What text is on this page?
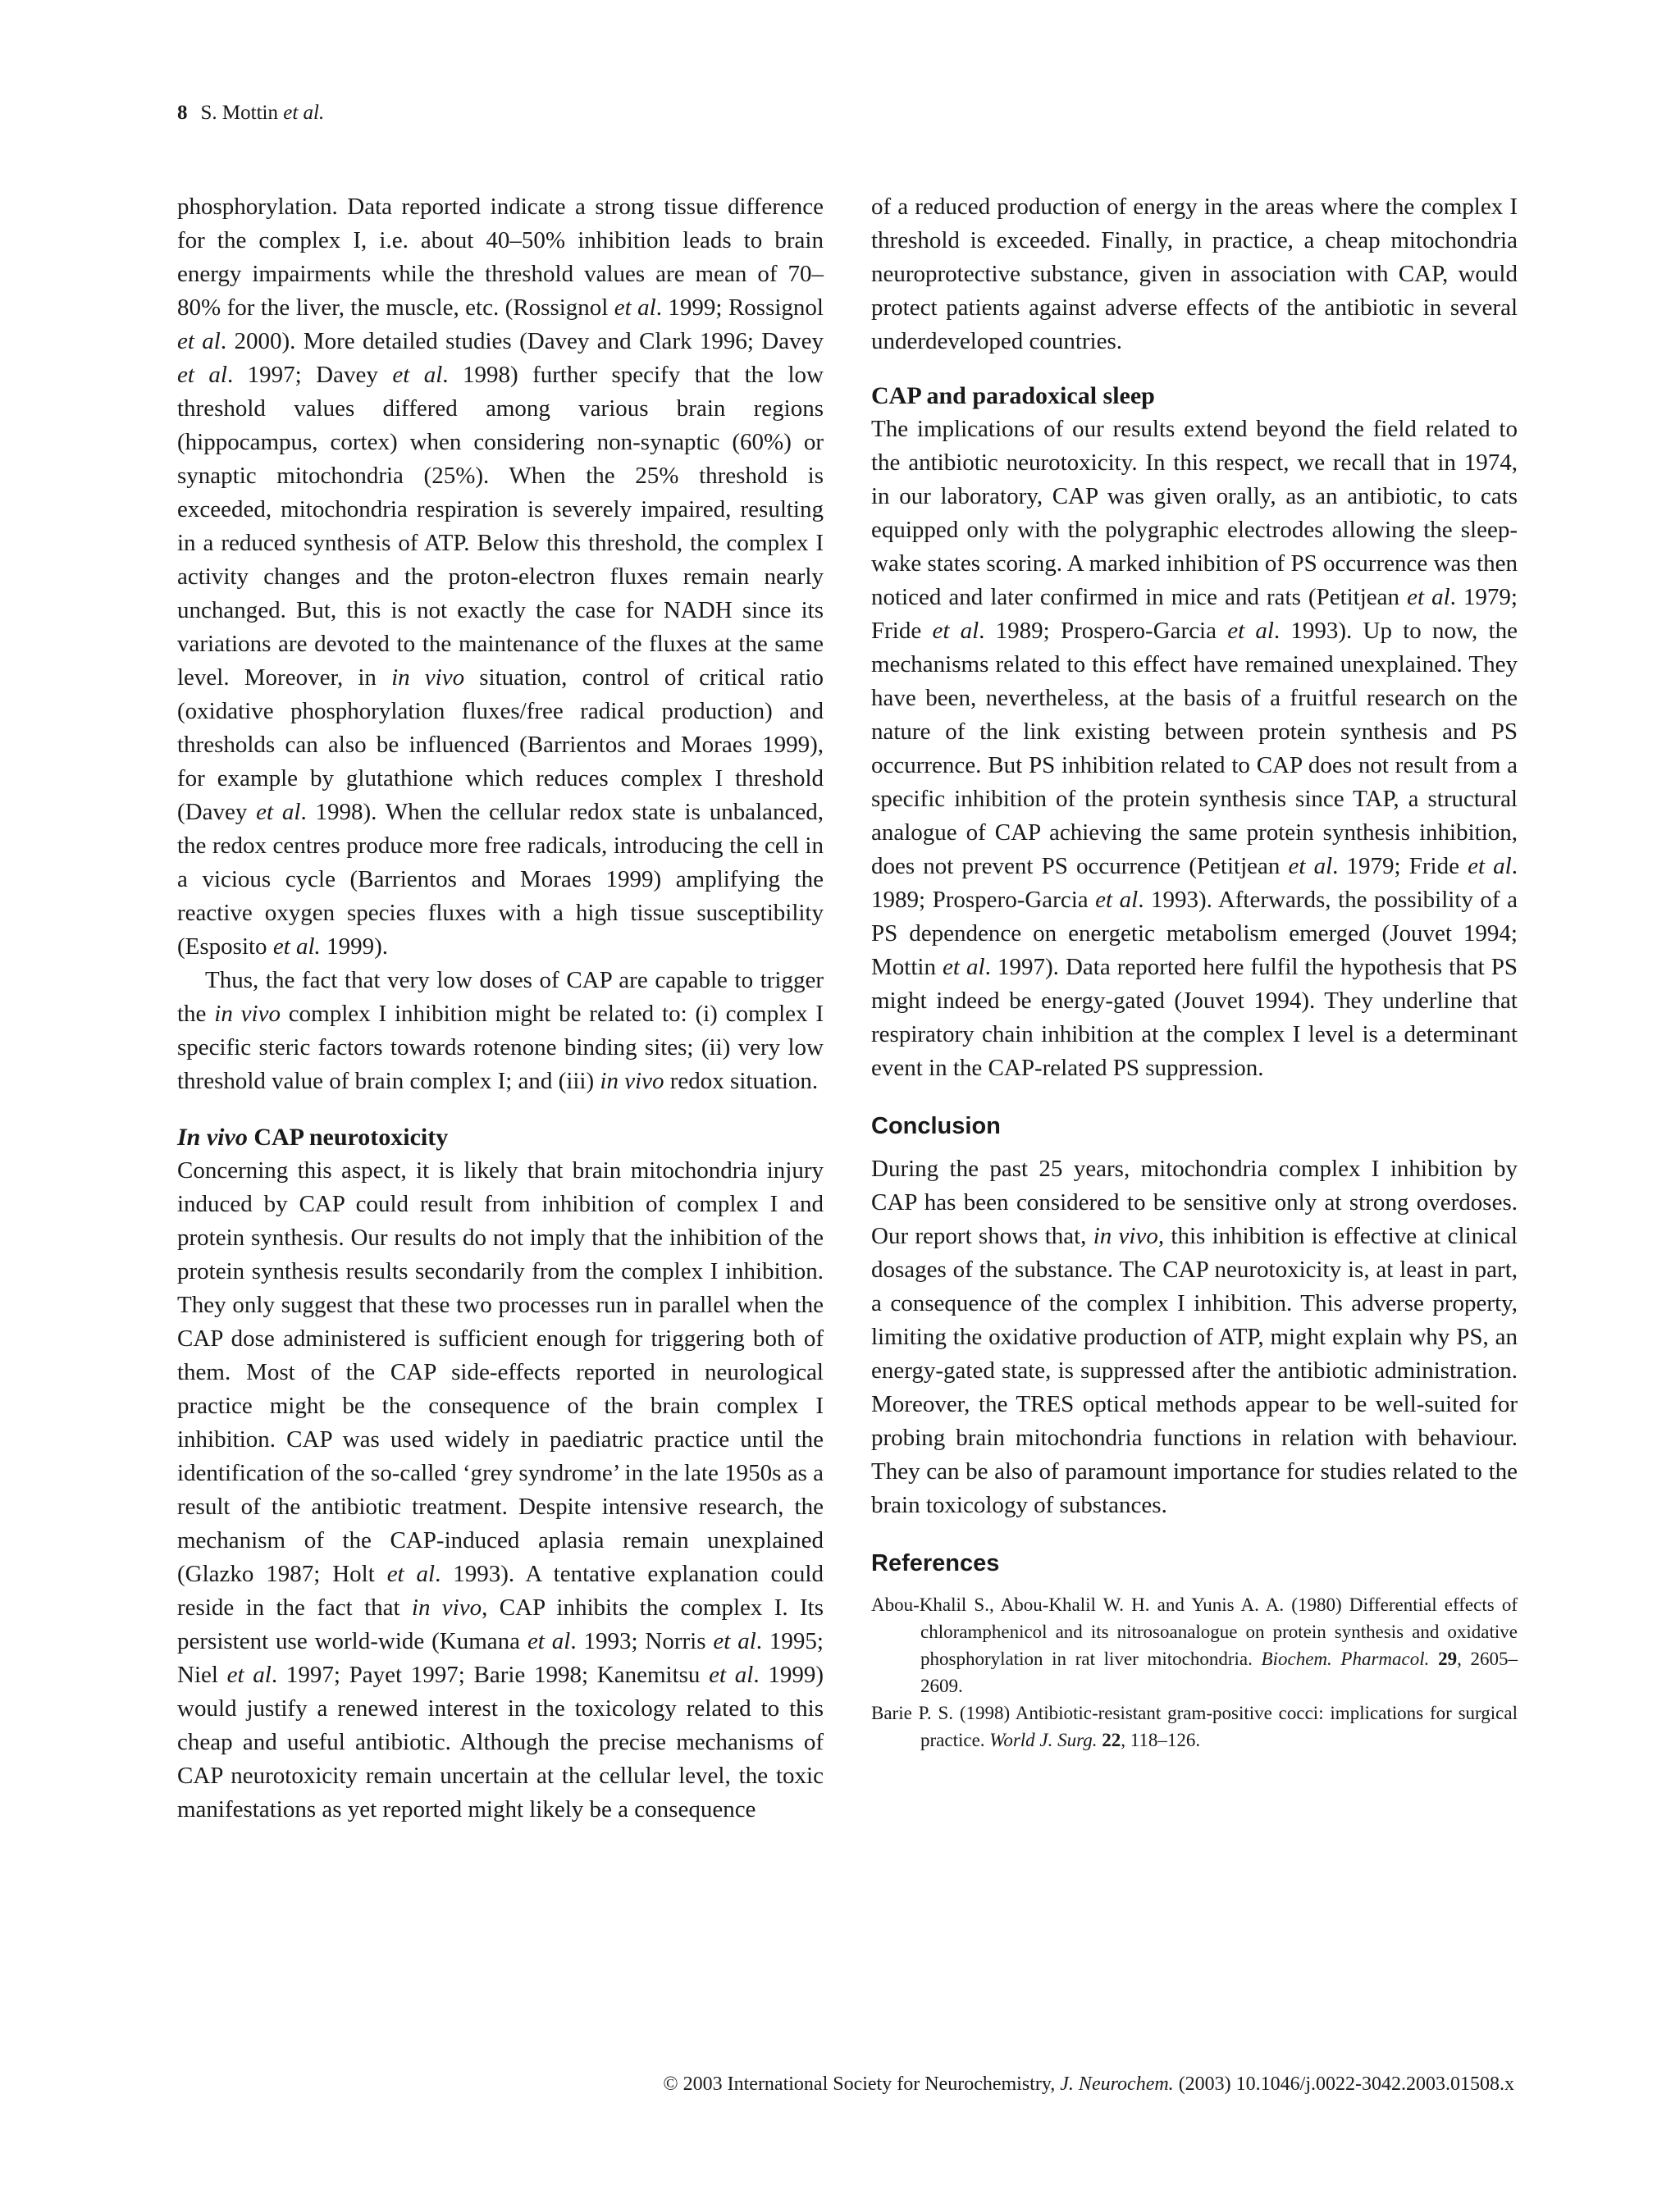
8 S. Mottin et al.

phosphorylation. Data reported indicate a strong tissue difference for the complex I, i.e. about 40–50% inhibition leads to brain energy impairments while the threshold values are mean of 70–80% for the liver, the muscle, etc. (Rossignol et al. 1999; Rossignol et al. 2000). More detailed studies (Davey and Clark 1996; Davey et al. 1997; Davey et al. 1998) further specify that the low threshold values differed among various brain regions (hippocampus, cortex) when considering non-synaptic (60%) or synaptic mitochondria (25%). When the 25% threshold is exceeded, mitochondria respiration is severely impaired, resulting in a reduced synthesis of ATP. Below this threshold, the complex I activity changes and the proton-electron fluxes remain nearly unchanged. But, this is not exactly the case for NADH since its variations are devoted to the maintenance of the fluxes at the same level. Moreover, in in vivo situation, control of critical ratio (oxidative phosphorylation fluxes/free radical production) and thresholds can also be influenced (Barrientos and Moraes 1999), for example by glutathione which reduces complex I threshold (Davey et al. 1998). When the cellular redox state is unbalanced, the redox centres produce more free radicals, introducing the cell in a vicious cycle (Barrientos and Moraes 1999) amplifying the reactive oxygen species fluxes with a high tissue susceptibility (Esposito et al. 1999).

Thus, the fact that very low doses of CAP are capable to trigger the in vivo complex I inhibition might be related to: (i) complex I specific steric factors towards rotenone binding sites; (ii) very low threshold value of brain complex I; and (iii) in vivo redox situation.

In vivo CAP neurotoxicity

Concerning this aspect, it is likely that brain mitochondria injury induced by CAP could result from inhibition of complex I and protein synthesis. Our results do not imply that the inhibition of the protein synthesis results secondarily from the complex I inhibition. They only suggest that these two processes run in parallel when the CAP dose administered is sufficient enough for triggering both of them. Most of the CAP side-effects reported in neurological practice might be the consequence of the brain complex I inhibition. CAP was used widely in paediatric practice until the identification of the so-called ‘grey syndrome’ in the late 1950s as a result of the antibiotic treatment. Despite intensive research, the mechanism of the CAP-induced aplasia remain unexplained (Glazko 1987; Holt et al. 1993). A tentative explanation could reside in the fact that in vivo, CAP inhibits the complex I. Its persistent use world-wide (Kumana et al. 1993; Norris et al. 1995; Niel et al. 1997; Payet 1997; Barie 1998; Kanemitsu et al. 1999) would justify a renewed interest in the toxicology related to this cheap and useful antibiotic. Although the precise mechanisms of CAP neurotoxicity remain uncertain at the cellular level, the toxic manifestations as yet reported might likely be a consequence

of a reduced production of energy in the areas where the complex I threshold is exceeded. Finally, in practice, a cheap mitochondria neuroprotective substance, given in association with CAP, would protect patients against adverse effects of the antibiotic in several underdeveloped countries.

CAP and paradoxical sleep

The implications of our results extend beyond the field related to the antibiotic neurotoxicity. In this respect, we recall that in 1974, in our laboratory, CAP was given orally, as an antibiotic, to cats equipped only with the polygraphic electrodes allowing the sleep-wake states scoring. A marked inhibition of PS occurrence was then noticed and later confirmed in mice and rats (Petitjean et al. 1979; Fride et al. 1989; Prospero-Garcia et al. 1993). Up to now, the mechanisms related to this effect have remained unexplained. They have been, nevertheless, at the basis of a fruitful research on the nature of the link existing between protein synthesis and PS occurrence. But PS inhibition related to CAP does not result from a specific inhibition of the protein synthesis since TAP, a structural analogue of CAP achieving the same protein synthesis inhibition, does not prevent PS occurrence (Petitjean et al. 1979; Fride et al. 1989; Prospero-Garcia et al. 1993). Afterwards, the possibility of a PS dependence on energetic metabolism emerged (Jouvet 1994; Mottin et al. 1997). Data reported here fulfil the hypothesis that PS might indeed be energy-gated (Jouvet 1994). They underline that respiratory chain inhibition at the complex I level is a determinant event in the CAP-related PS suppression.

Conclusion

During the past 25 years, mitochondria complex I inhibition by CAP has been considered to be sensitive only at strong overdoses. Our report shows that, in vivo, this inhibition is effective at clinical dosages of the substance. The CAP neurotoxicity is, at least in part, a consequence of the complex I inhibition. This adverse property, limiting the oxidative production of ATP, might explain why PS, an energy-gated state, is suppressed after the antibiotic administration. Moreover, the TRES optical methods appear to be well-suited for probing brain mitochondria functions in relation with behaviour. They can be also of paramount importance for studies related to the brain toxicology of substances.

References

Abou-Khalil S., Abou-Khalil W. H. and Yunis A. A. (1980) Differential effects of chloramphenicol and its nitrosoanalogue on protein synthesis and oxidative phosphorylation in rat liver mitochondria. Biochem. Pharmacol. 29, 2605–2609.

Barie P. S. (1998) Antibiotic-resistant gram-positive cocci: implications for surgical practice. World J. Surg. 22, 118–126.

© 2003 International Society for Neurochemistry, J. Neurochem. (2003) 10.1046/j.0022-3042.2003.01508.x
